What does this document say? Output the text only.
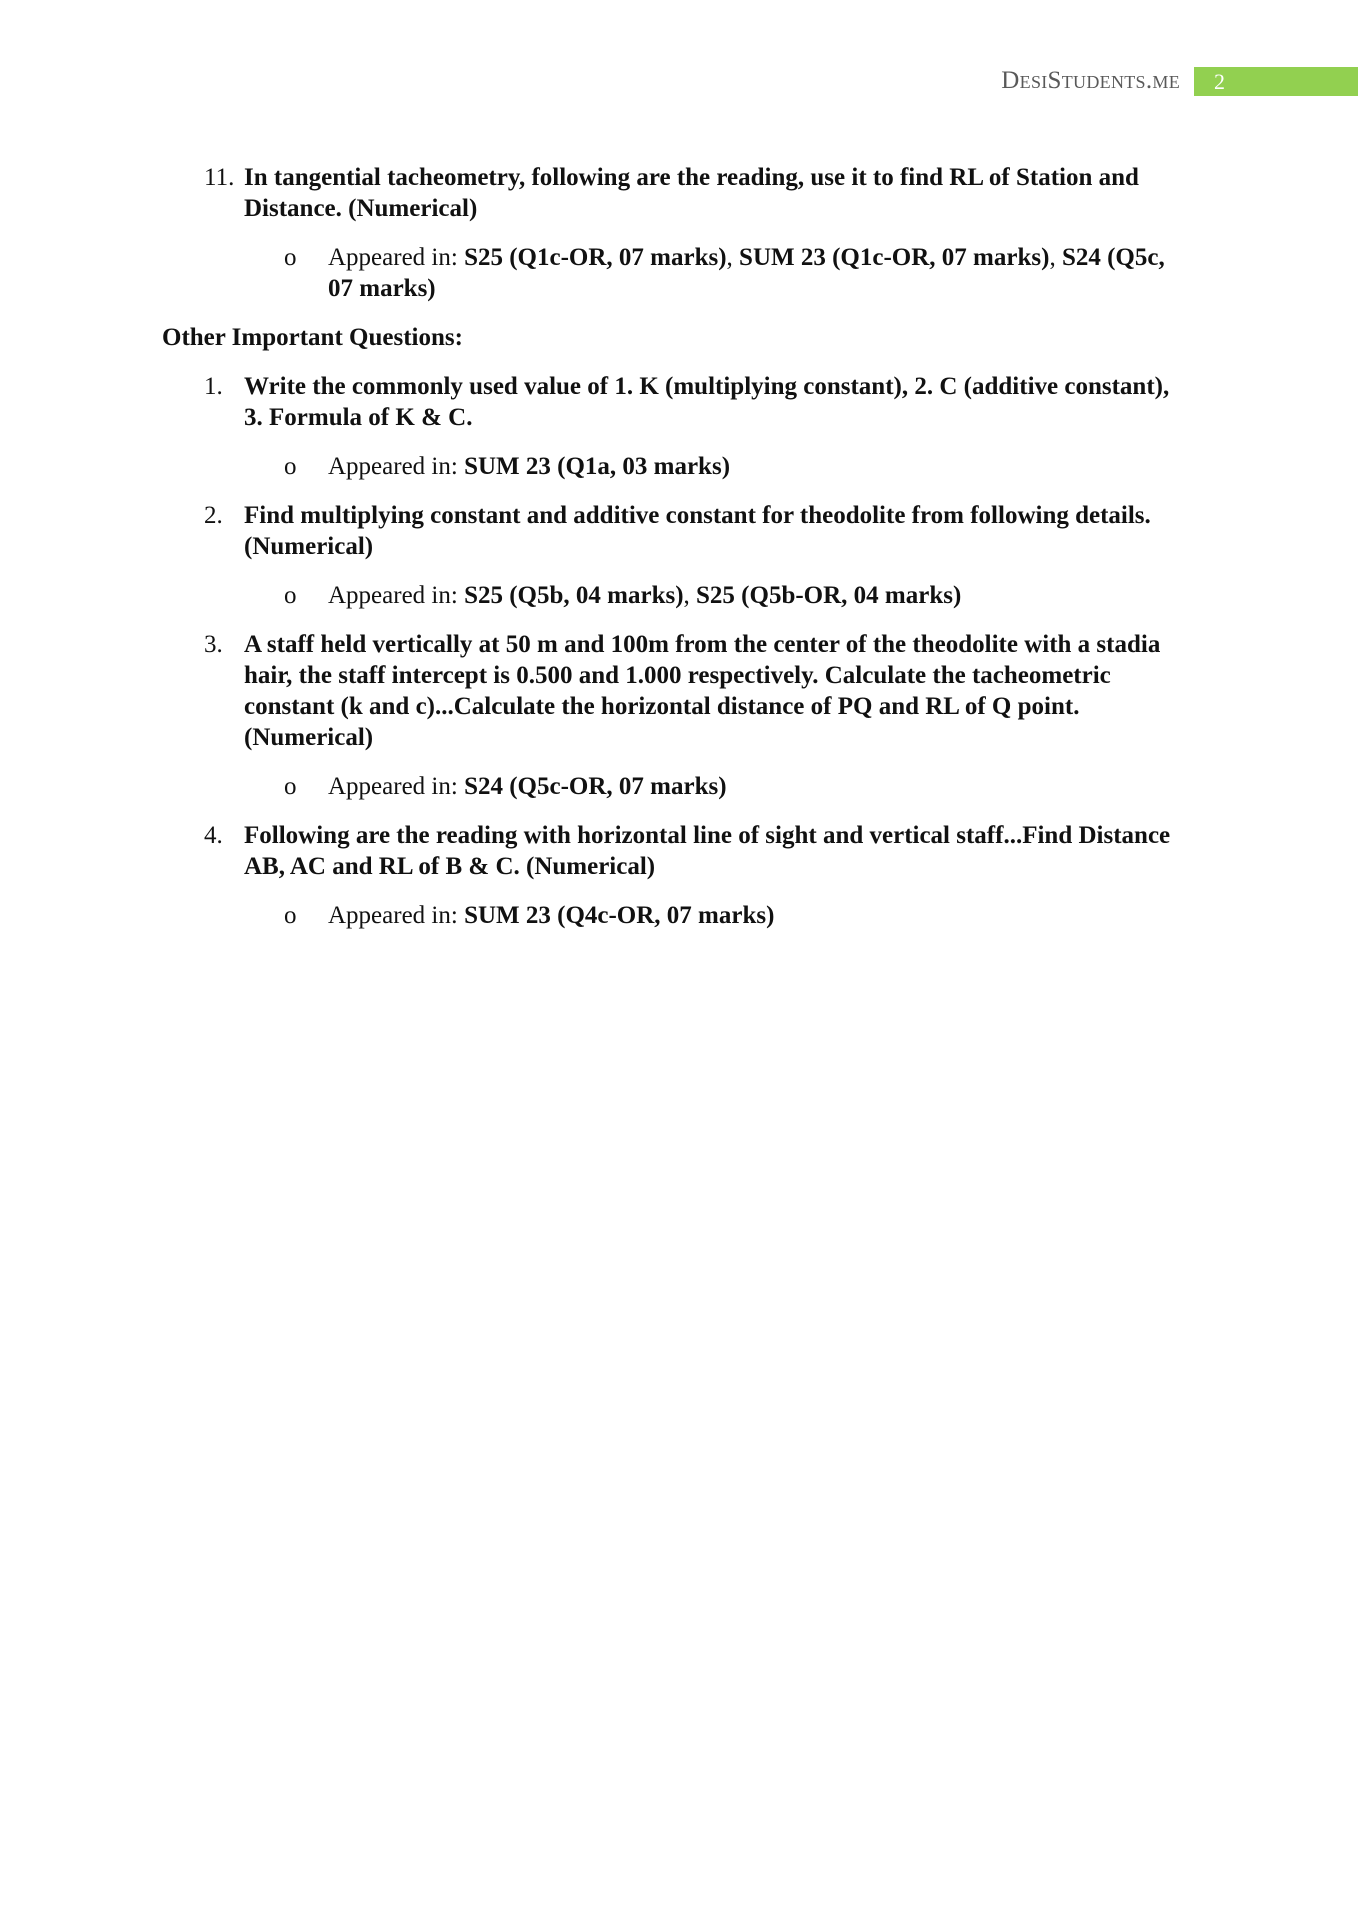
DesiStudents.me	2
11. In tangential tacheometry, following are the reading, use it to find RL of Station and Distance. (Numerical)
o	Appeared in: S25 (Q1c-OR, 07 marks), SUM 23 (Q1c-OR, 07 marks), S24 (Q5c, 07 marks)
Other Important Questions:
1. Write the commonly used value of 1. K (multiplying constant), 2. C (additive constant), 3. Formula of K & C.
o	Appeared in: SUM 23 (Q1a, 03 marks)
2. Find multiplying constant and additive constant for theodolite from following details. (Numerical)
o	Appeared in: S25 (Q5b, 04 marks), S25 (Q5b-OR, 04 marks)
3. A staff held vertically at 50 m and 100m from the center of the theodolite with a stadia hair, the staff intercept is 0.500 and 1.000 respectively. Calculate the tacheometric constant (k and c)...Calculate the horizontal distance of PQ and RL of Q point. (Numerical)
o	Appeared in: S24 (Q5c-OR, 07 marks)
4. Following are the reading with horizontal line of sight and vertical staff...Find Distance AB, AC and RL of B & C. (Numerical)
o	Appeared in: SUM 23 (Q4c-OR, 07 marks)
